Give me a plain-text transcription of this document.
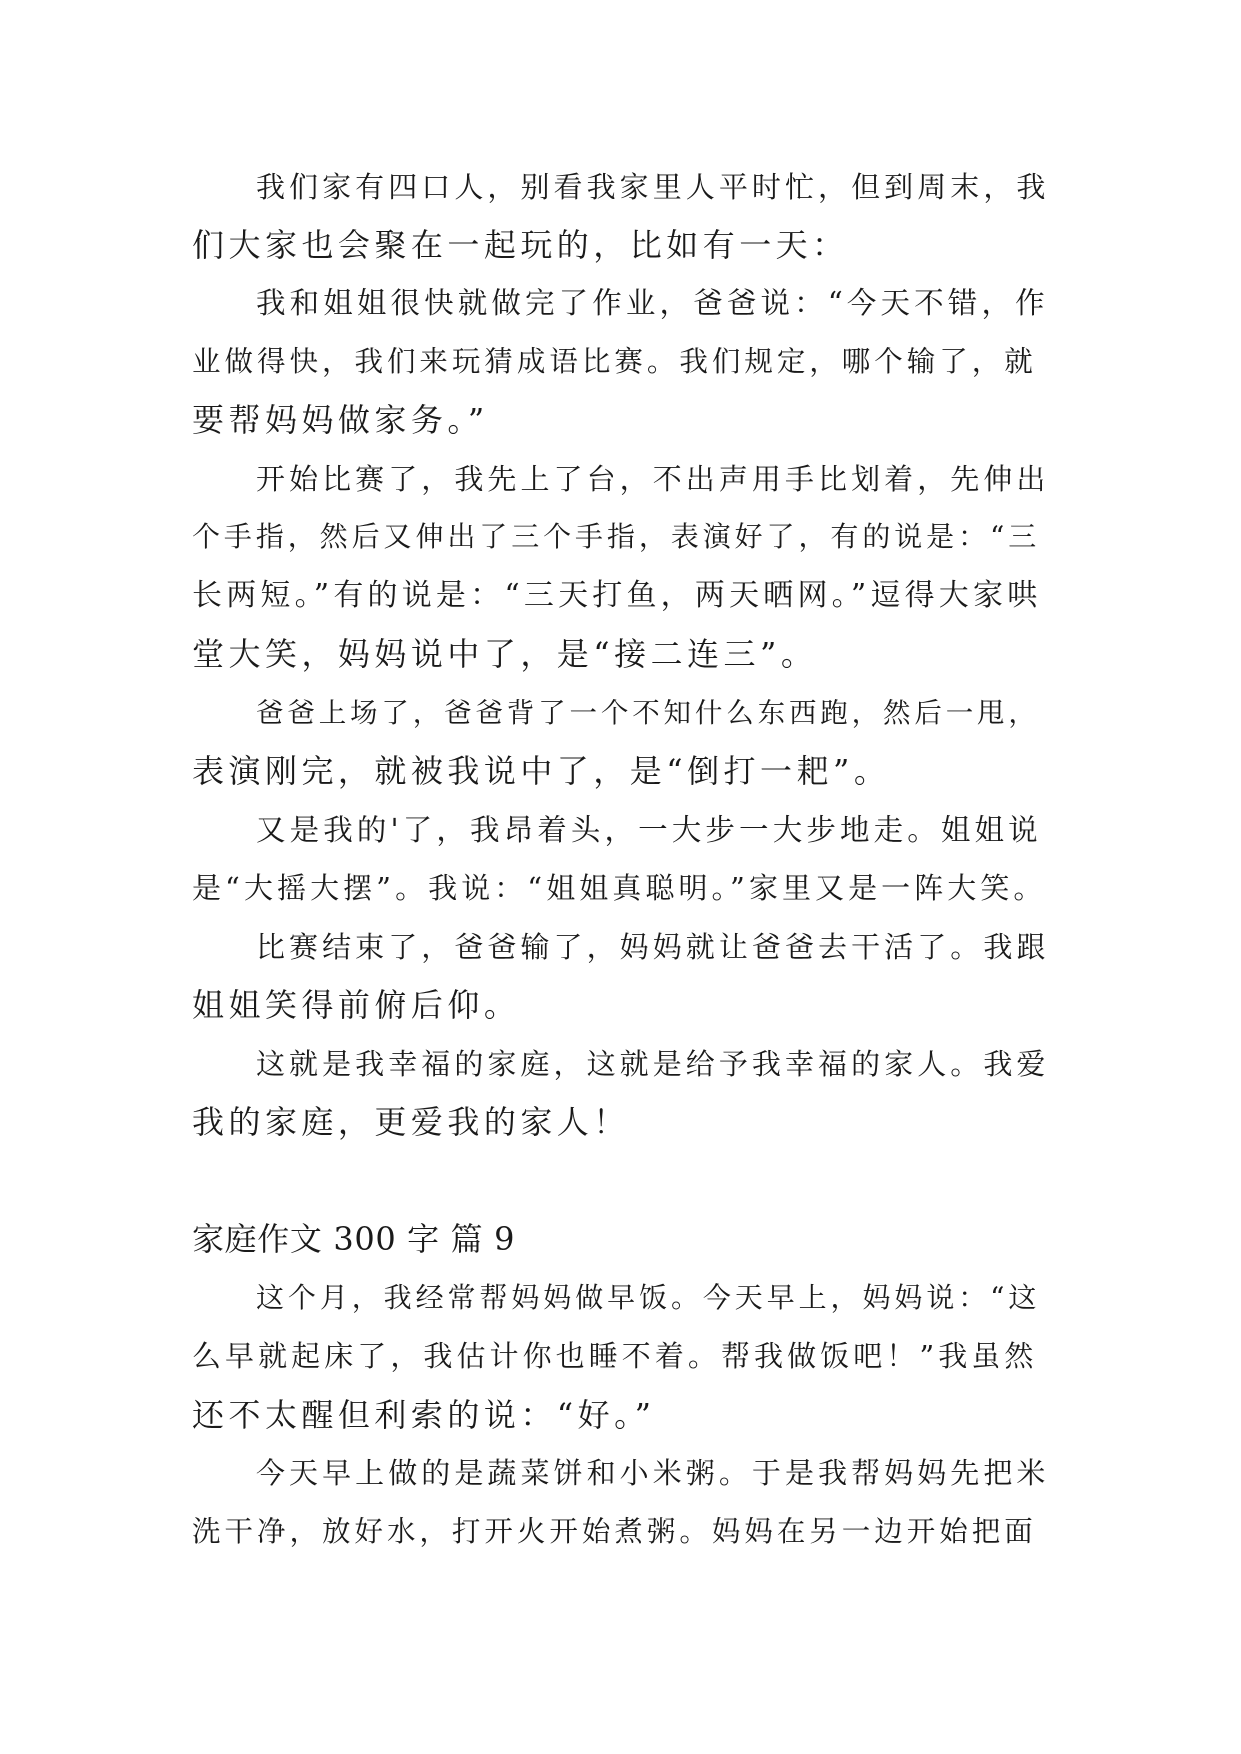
我们家有四口人，别看我家里人平时忙，但到周末，我
们大家也会聚在一起玩的，比如有一天：
我和姐姐很快就做完了作业，爸爸说：“今天不错，作
业做得快，我们来玩猜成语比赛。我们规定，哪个输了，就
要帮妈妈做家务。”
开始比赛了，我先上了台，不出声用手比划着，先伸出
个手指，然后又伸出了三个手指，表演好了，有的说是：“三
长两短。”有的说是：“三天打鱼，两天晒网。”逗得大家哄
堂大笑，妈妈说中了，是“接二连三”。
爸爸上场了，爸爸背了一个不知什么东西跑，然后一甩，
表演刚完，就被我说中了，是“倒打一耙”。
又是我的'了，我昂着头，一大步一大步地走。姐姐说
是“大摇大摆”。我说：“姐姐真聪明。”家里又是一阵大笑。
比赛结束了，爸爸输了，妈妈就让爸爸去干活了。我跟
姐姐笑得前俯后仰。
这就是我幸福的家庭，这就是给予我幸福的家人。我爱
我的家庭，更爱我的家人！
家庭作文 300 字 篇 9
这个月，我经常帮妈妈做早饭。今天早上，妈妈说：“这
么早就起床了，我估计你也睡不着。帮我做饭吧！”我虽然
还不太醒但利索的说：“好。”
今天早上做的是蔬菜饼和小米粥。于是我帮妈妈先把米
洗干净，放好水，打开火开始煮粥。妈妈在另一边开始把面
